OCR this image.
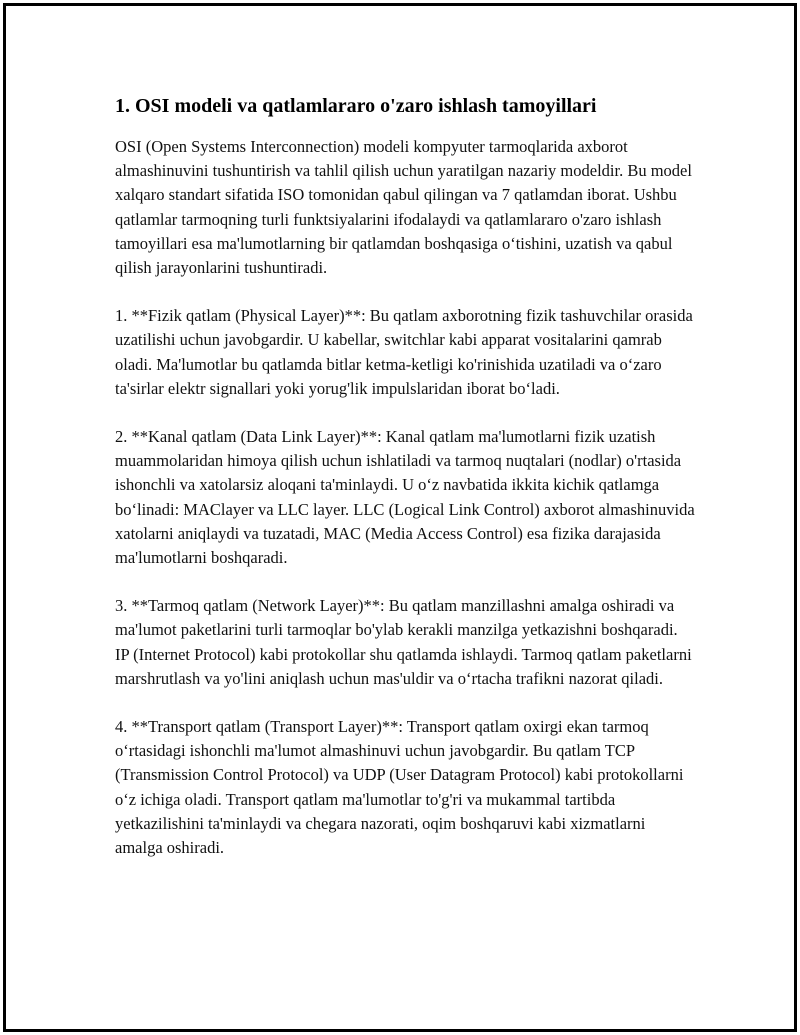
1. OSI modeli va qatlamlararo o'zaro ishlash tamoyillari

OSI (Open Systems Interconnection) modeli kompyuter tarmoqlarida axborot almashinuvini tushuntirish va tahlil qilish uchun yaratilgan nazariy modeldir. Bu model xalqaro standart sifatida ISO tomonidan qabul qilingan va 7 qatlamdan iborat. Ushbu qatlamlar tarmoqning turli funktsiyalarini ifodalaydi va qatlamlararo o'zaro ishlash tamoyillari esa ma'lumotlarning bir qatlamdan boshqasiga o‘tishini, uzatish va qabul qilish jarayonlarini tushuntiradi.

1. **Fizik qatlam (Physical Layer)**: Bu qatlam axborotning fizik tashuvchilar orasida uzatilishi uchun javobgardir. U kabellar, switchlar kabi apparat vositalarini qamrab oladi. Ma'lumotlar bu qatlamda bitlar ketma-ketligi ko'rinishida uzatiladi va o‘zaro ta'sirlar elektr signallari yoki yorug'lik impulslaridan iborat bo‘ladi.

2. **Kanal qatlam (Data Link Layer)**: Kanal qatlam ma'lumotlarni fizik uzatish muammolaridan himoya qilish uchun ishlatiladi va tarmoq nuqtalari (nodlar) o'rtasida ishonchli va xatolarsiz aloqani ta'minlaydi. U o‘z navbatida ikkita kichik qatlamga bo‘linadi: MAClayer va LLC layer. LLC (Logical Link Control) axborot almashinuvida xatolarni aniqlaydi va tuzatadi, MAC (Media Access Control) esa fizika darajasida ma'lumotlarni boshqaradi.

3. **Tarmoq qatlam (Network Layer)**: Bu qatlam manzillashni amalga oshiradi va ma'lumot paketlarini turli tarmoqlar bo'ylab kerakli manzilga yetkazishni boshqaradi. IP (Internet Protocol) kabi protokollar shu qatlamda ishlaydi. Tarmoq qatlam paketlarni marshrutlash va yo'lini aniqlash uchun mas'uldir va o‘rtacha trafikni nazorat qiladi.

4. **Transport qatlam (Transport Layer)**: Transport qatlam oxirgi ekan tarmoq o‘rtasidagi ishonchli ma'lumot almashinuvi uchun javobgardir. Bu qatlam TCP (Transmission Control Protocol) va UDP (User Datagram Protocol) kabi protokollarni o‘z ichiga oladi. Transport qatlam ma'lumotlar to'g'ri va mukammal tartibda yetkazilishini ta'minlaydi va chegara nazorati, oqim boshqaruvi kabi xizmatlarni amalga oshiradi.
